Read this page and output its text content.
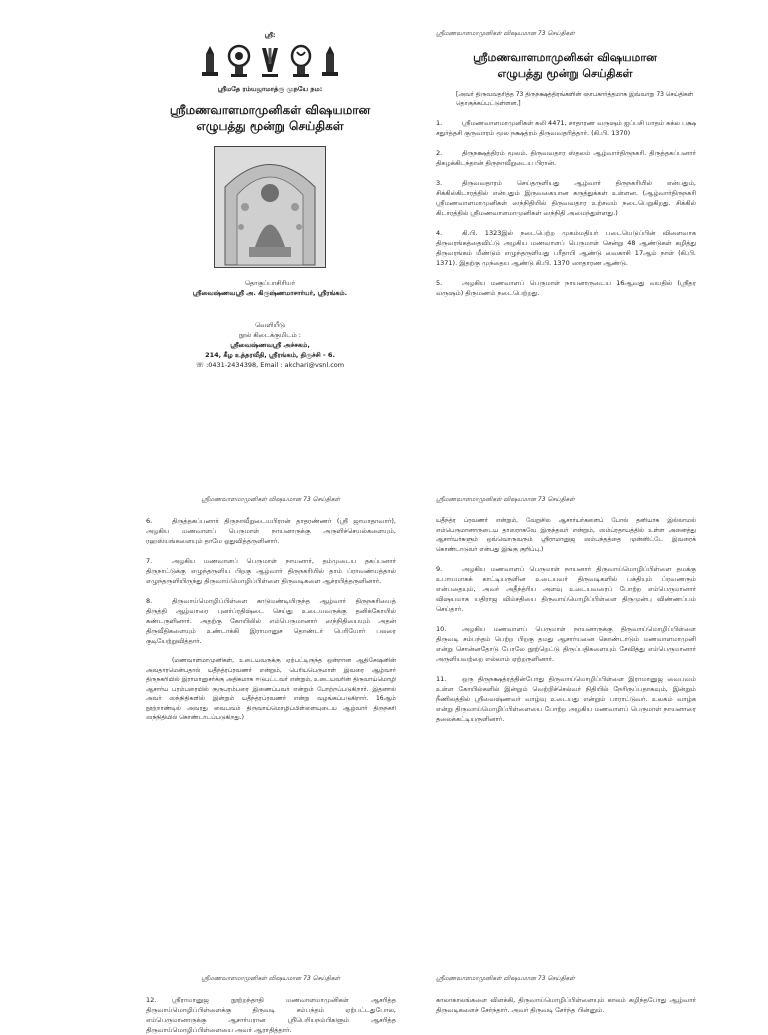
ஸ்ரீ:
ஸ்ரீமதே ரம்யஜாமாத்ரு முநயே நம:
ஸ்ரீமணவாளமாமுனிகள் விஷயமான
எழுபத்து மூன்று செய்திகள்
தொகுப்பாசிரியர்
ஸ்ரீவைஷ்ணவஸ்ரீ அ. கிருஷ்ணமாசார்யர், ஸ்ரீரங்கம்.
வெளியீடு
நூல் கிடைக்குமிடம் :
ஸ்ரீவைஷ்ணவஸ்ரீ அச்சகம்,
214, கீழ உத்தரவீதி, ஸ்ரீரங்கம், திருச்சி - 6.
☏ :0431-2434398, Email : akchari@vsnl.com
ஸ்ரீமணவாளமாமுனிகள் விஷயமான 73 செய்திகள்
ஸ்ரீமணவாளமாமுனிகள் விஷயமான
எழுபத்து மூன்று செய்திகள்
[அவர் திருவவதரித்த 73 திருநக்ஷத்திரங்களின் ஞாபகார்த்தமாக இவ்வாறு 73 செய்திகள் தொகுக்கப்பட்டுள்ளன.]
1.	ஸ்ரீமணவாளமாமுனிகள் கலி 4471, சாதாரண வருஷம் ஐப்பசி மாதம் சுக்ல பக்ஷ சதுர்த்தசி குருவாரம் மூல நக்ஷத்ரம் திருவவதரித்தார். (கி.பி. 1370)
2.	திருநக்ஷத்திரம் மூலம். திருவவதார ஸ்தலம் ஆழ்வார்திருநகரி. திருத்தகப்பனார் திகழக்கிடந்தான் திருநாவீறுடைய பிரான்.
3.	திருவவதாரம் செய்தருளியது ஆழ்வார் திருநகரியில் என்பதும், சிக்கில்கிடாரத்தில் என்பதும் இருவகையான கருத்துக்கள் உள்ளன. (ஆழ்வார்திருநகரி ஸ்ரீமணவாளமாமுனிகள் ஸந்நிதியில் திருவவதார உற்சவம் நடைபெறுகிறது. சிக்கில் கிடாரத்தில் ஸ்ரீமணவாளமாமுனிகள் ஸந்நிதி அமைந்துள்ளது.)
4.	கி.பி. 1323இல் நடைபெற்ற முகம்மதியர் படையெடுப்பின் விளைவாக திருவரங்கத்தைவிட்டு அழகிய மணவாளப் பெருமாள் சென்று 48 ஆண்டுகள் கழித்து திருவரங்கம் மீண்டும் எழுந்தருளியது பரீதாபி ஆண்டு வைகாசி 17ஆம் நாள் (கி.பி. 1371). இதற்கு முந்தைய ஆண்டு கி.பி. 1370 ஸாதாரண ஆண்டு.
5.	அழகிய மணவாளப் பெருமாள் நாயனாருடைய 16ஆவது வயதில் (ஸ்ரீதர வருஷம்) திருமணம் நடைபெற்றது.
ஸ்ரீமணவாளமாமுனிகள் விஷயமான 73 செய்திகள்
6.	திருத்தகப்பனார் திருநாவீறுடையபிரான் தாதரண்ணர் (ஸ்ரீ ஜாமாதாவார்), அழகிய மணவாளப் பெருமாள் நாயனாருக்கு அருளிச்செயல்களையும், ரஹஸ்யங்களையும் தாமே ஓதுவித்தருளினார்.
7.	அழகிய மணவாளப் பெருமாள் நாயனார், தம்முடைய தகப்பனார் திருநாட்டுக்கு எழுந்தருளிய பிறகு ஆழ்வார் திருநகரியில் தாம் ப்ராவண்யத்தால் எழுந்தருளியிருந்து திருவாய்மொழிப்பிள்ளை திருவடிகளை ஆச்ரயித்தருளினார்.
8.	திருவாய்மொழிப்பிள்ளை காடுமண்டியிருந்த ஆழ்வார் திருநகரியைத் திருத்தி ஆழ்வாரை புனர்ப்ரதிஷ்டை செய்து உடையவருக்கு தனிக்கோயில் கண்டருளினார். அதற்கு கோயிலில் எம்பெருமானார் ஸந்நிதியையும் அதன் திருவீதிகளையும் உண்டாக்கி இராமானுச தொண்டர் பெரியோர் பலரை குடியேற்றுவித்தார்.
(மணவாளமாமுனிகள், உடையவருக்கு ஏற்பட்டிருந்த ஒன்றான ஆதிசேஷனின் அவதாரமென்பதால் யதீந்த்ரப்ரவணர் என்றும், பெரியபெருமாள் இவரை ஆழ்வார் திருநகரியில் இராமானுசர்க்கு அதிகமாக ஈடுபட்டவர் என்றும், உடையவரின் திருவாய்மொழி ஆசார்ய பரம்பரையில் குருபரம்பரை இணைப்பவர் என்றும் போற்றப்படுகிறார். இதனால் அவர் ஸந்நிதிகளில் இன்றும் யதீந்த்ரப்ரவணர் என்று வழங்கப்படுகிறார். 16ஆம் நூற்றாண்டில் அவரது வைபவம் திருவாய்மொழிப்பிள்ளையுடைய ஆழ்வார் திருநகரி ஸந்நிதியில் கொண்டாடப்படுகிறது.)
ஸ்ரீமணவாளமாமுனிகள் விஷயமான 73 செய்திகள்
யதீந்த்ர ப்ரவணர் என்றும், வேறுசில ஆசார்யர்களைப் போல் தனியாக இல்லாமல் எம்பெருமானாருடைய தாஸராகவே இருந்தவர் என்றும், ஸம்ப்ரதாயத்தில் உள்ள அனைத்து ஆசார்யர்களும் ஒவ்வொருவரும் ஸ்ரீராமானுஜ ஸம்பந்தத்தை முன்னிட்டே இவரைக் கொண்டாடுவர் என்பது இங்கு குறிப்பு.)
9.	அழகிய மணவாளப் பெருமாள் நாயனார் திருவாய்மொழிப்பிள்ளை தமக்கு உபாயமாகக் காட்டியருளின உடையவர் திருவடிகளில் பக்தியும் ப்ரவணரும் என்பதையும், அவர் அதீந்த்ரிய அளவு உடையவரைப் போற்ற எம்பெருமானார் விஷயமாக யதிராஜ விம்சதியை திருவாய்மொழிப்பிள்ளை திருமுன்பு விண்ணப்பம் செய்தார்.
10. அழகிய மணவாளப் பெருமாள் நாயனாருக்கு திருவாய்மொழிப்பிள்ளை திருவடி சம்பந்தம் பெற்ற பிறகு தமது ஆசார்யனை கொண்டாடும் மணவாளமாமுனி என்று சொன்னதோடு போலே நூற்றெட்டு திருப்பதிகளையும் சேவித்து எம்பெருமானார் அருளியவற்றை எல்லாம் ஏற்றருளினார்.
11. ஒரு திருநக்ஷத்ரத்தின்போது திருவாய்மொழிப்பிள்ளை இராமானுஜ வைபவம் உள்ள கோயில்களில் இன்றும் வெற்றிச்செல்வர் நிதியில் நேரிருப்பதாகவும், இன்றும் நீணிலத்தில் ஸ்ரீவைஷ்ணவர் வாழ்வு உடையது என்றும் பாராட்டுவர். உலகம் வாழ்க என்று திருவாய்மொழிப்பிள்ளையை போற்ற அழகிய மணவாளப் பெருமாள் நாயனாரை தலைக்கட்டியருளினார்.
ஸ்ரீமணவாளமாமுனிகள் விஷயமான 73 செய்திகள்
12. ஸ்ரீராமானுஜ நூற்றந்தாதி மணவாளமாமுனிகள் ஆசரித்த திருவாய்மொழிப்பிள்ளைக்கு திருவடி சம்பந்தம் ஏற்பட்டதுபோல, எம்பெருமானாருக்கு ஆசார்யரான ஸ்ரீபெரியநம்பிகளும் ஆசரித்த திருவாய்மொழிப்பிள்ளையை அவர் ஆராதித்தார்.
ஸ்ரீமணவாளமாமுனிகள் விஷயமான 73 செய்திகள்
காலாகாலங்களை விளக்கி, திருவாய்மொழிப்பிள்ளையும் காலம் கழிந்தபோது ஆழ்வார் திருவடிகளைச் சேர்ந்தார். அவர் திருவடி சேர்ந்த பின்னும்.
